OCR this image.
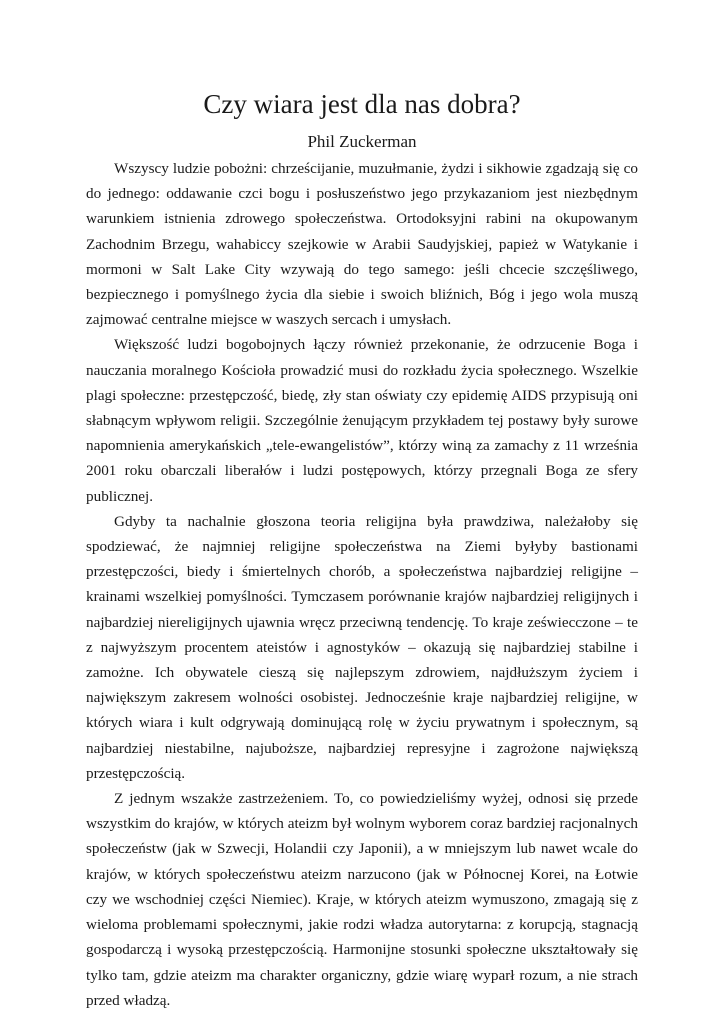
Czy wiara jest dla nas dobra?
Phil Zuckerman

Wszyscy ludzie pobożni: chrześcijanie, muzułmanie, żydzi i sikhowie zgadzają się co do jednego: oddawanie czci bogu i posłuszeństwo jego przykazaniom jest niezbędnym warunkiem istnienia zdrowego społeczeństwa. Ortodoksyjni rabini na okupowanym Zachodnim Brzegu, wahabiccy szejkowie w Arabii Saudyjskiej, papież w Watykanie i mormoni w Salt Lake City wzywają do tego samego: jeśli chcecie szczęśliwego, bezpiecznego i pomyślnego życia dla siebie i swoich bliźnich, Bóg i jego wola muszą zajmować centralne miejsce w waszych sercach i umysłach.

Większość ludzi bogobojnych łączy również przekonanie, że odrzucenie Boga i nauczania moralnego Kościoła prowadzić musi do rozkładu życia społecznego. Wszelkie plagi społeczne: przestępczość, biedę, zły stan oświaty czy epidemię AIDS przypisują oni słabnącym wpływom religii. Szczególnie żenującym przykładem tej postawy były surowe napomnienia amerykańskich „tele-ewangelistów”, którzy winą za zamachy z 11 września 2001 roku obarczali liberałów i ludzi postępowych, którzy przegnali Boga ze sfery publicznej.

Gdyby ta nachalnie głoszona teoria religijna była prawdziwa, należałoby się spodziewać, że najmniej religijne społeczeństwa na Ziemi byłyby bastionami przestępczości, biedy i śmiertelnych chorób, a społeczeństwa najbardziej religijne – krainami wszelkiej pomyślności. Tymczasem porównanie krajów najbardziej religijnych i najbardziej niereligijnych ujawnia wręcz przeciwną tendencję. To kraje zeświecczone – te z najwyższym procentem ateistów i agnostyków – okazują się najbardziej stabilne i zamożne. Ich obywatele cieszą się najlepszym zdrowiem, najdłuższym życiem i największym zakresem wolności osobistej. Jednocześnie kraje najbardziej religijne, w których wiara i kult odgrywają dominującą rolę w życiu prywatnym i społecznym, są najbardziej niestabilne, najuboższe, najbardziej represyjne i zagrożone największą przestępczością.

Z jednym wszakże zastrzeżeniem. To, co powiedzieliśmy wyżej, odnosi się przede wszystkim do krajów, w których ateizm był wolnym wyborem coraz bardziej racjonalnych społeczeństw (jak w Szwecji, Holandii czy Japonii), a w mniejszym lub nawet wcale do krajów, w których społeczeństwu ateizm narzucono (jak w Północnej Korei, na Łotwie czy we wschodniej części Niemiec). Kraje, w których ateizm wymuszono, zmagają się z wieloma problemami społecznymi, jakie rodzi władza autorytarna: z korupcją, stagnacją gospodarczą i wysoką przestępczością. Harmonijne stosunki społeczne ukształtowały się tylko tam, gdzie ateizm ma charakter organiczny, gdzie wiarę wyparł rozum, a nie strach przed władzą.
